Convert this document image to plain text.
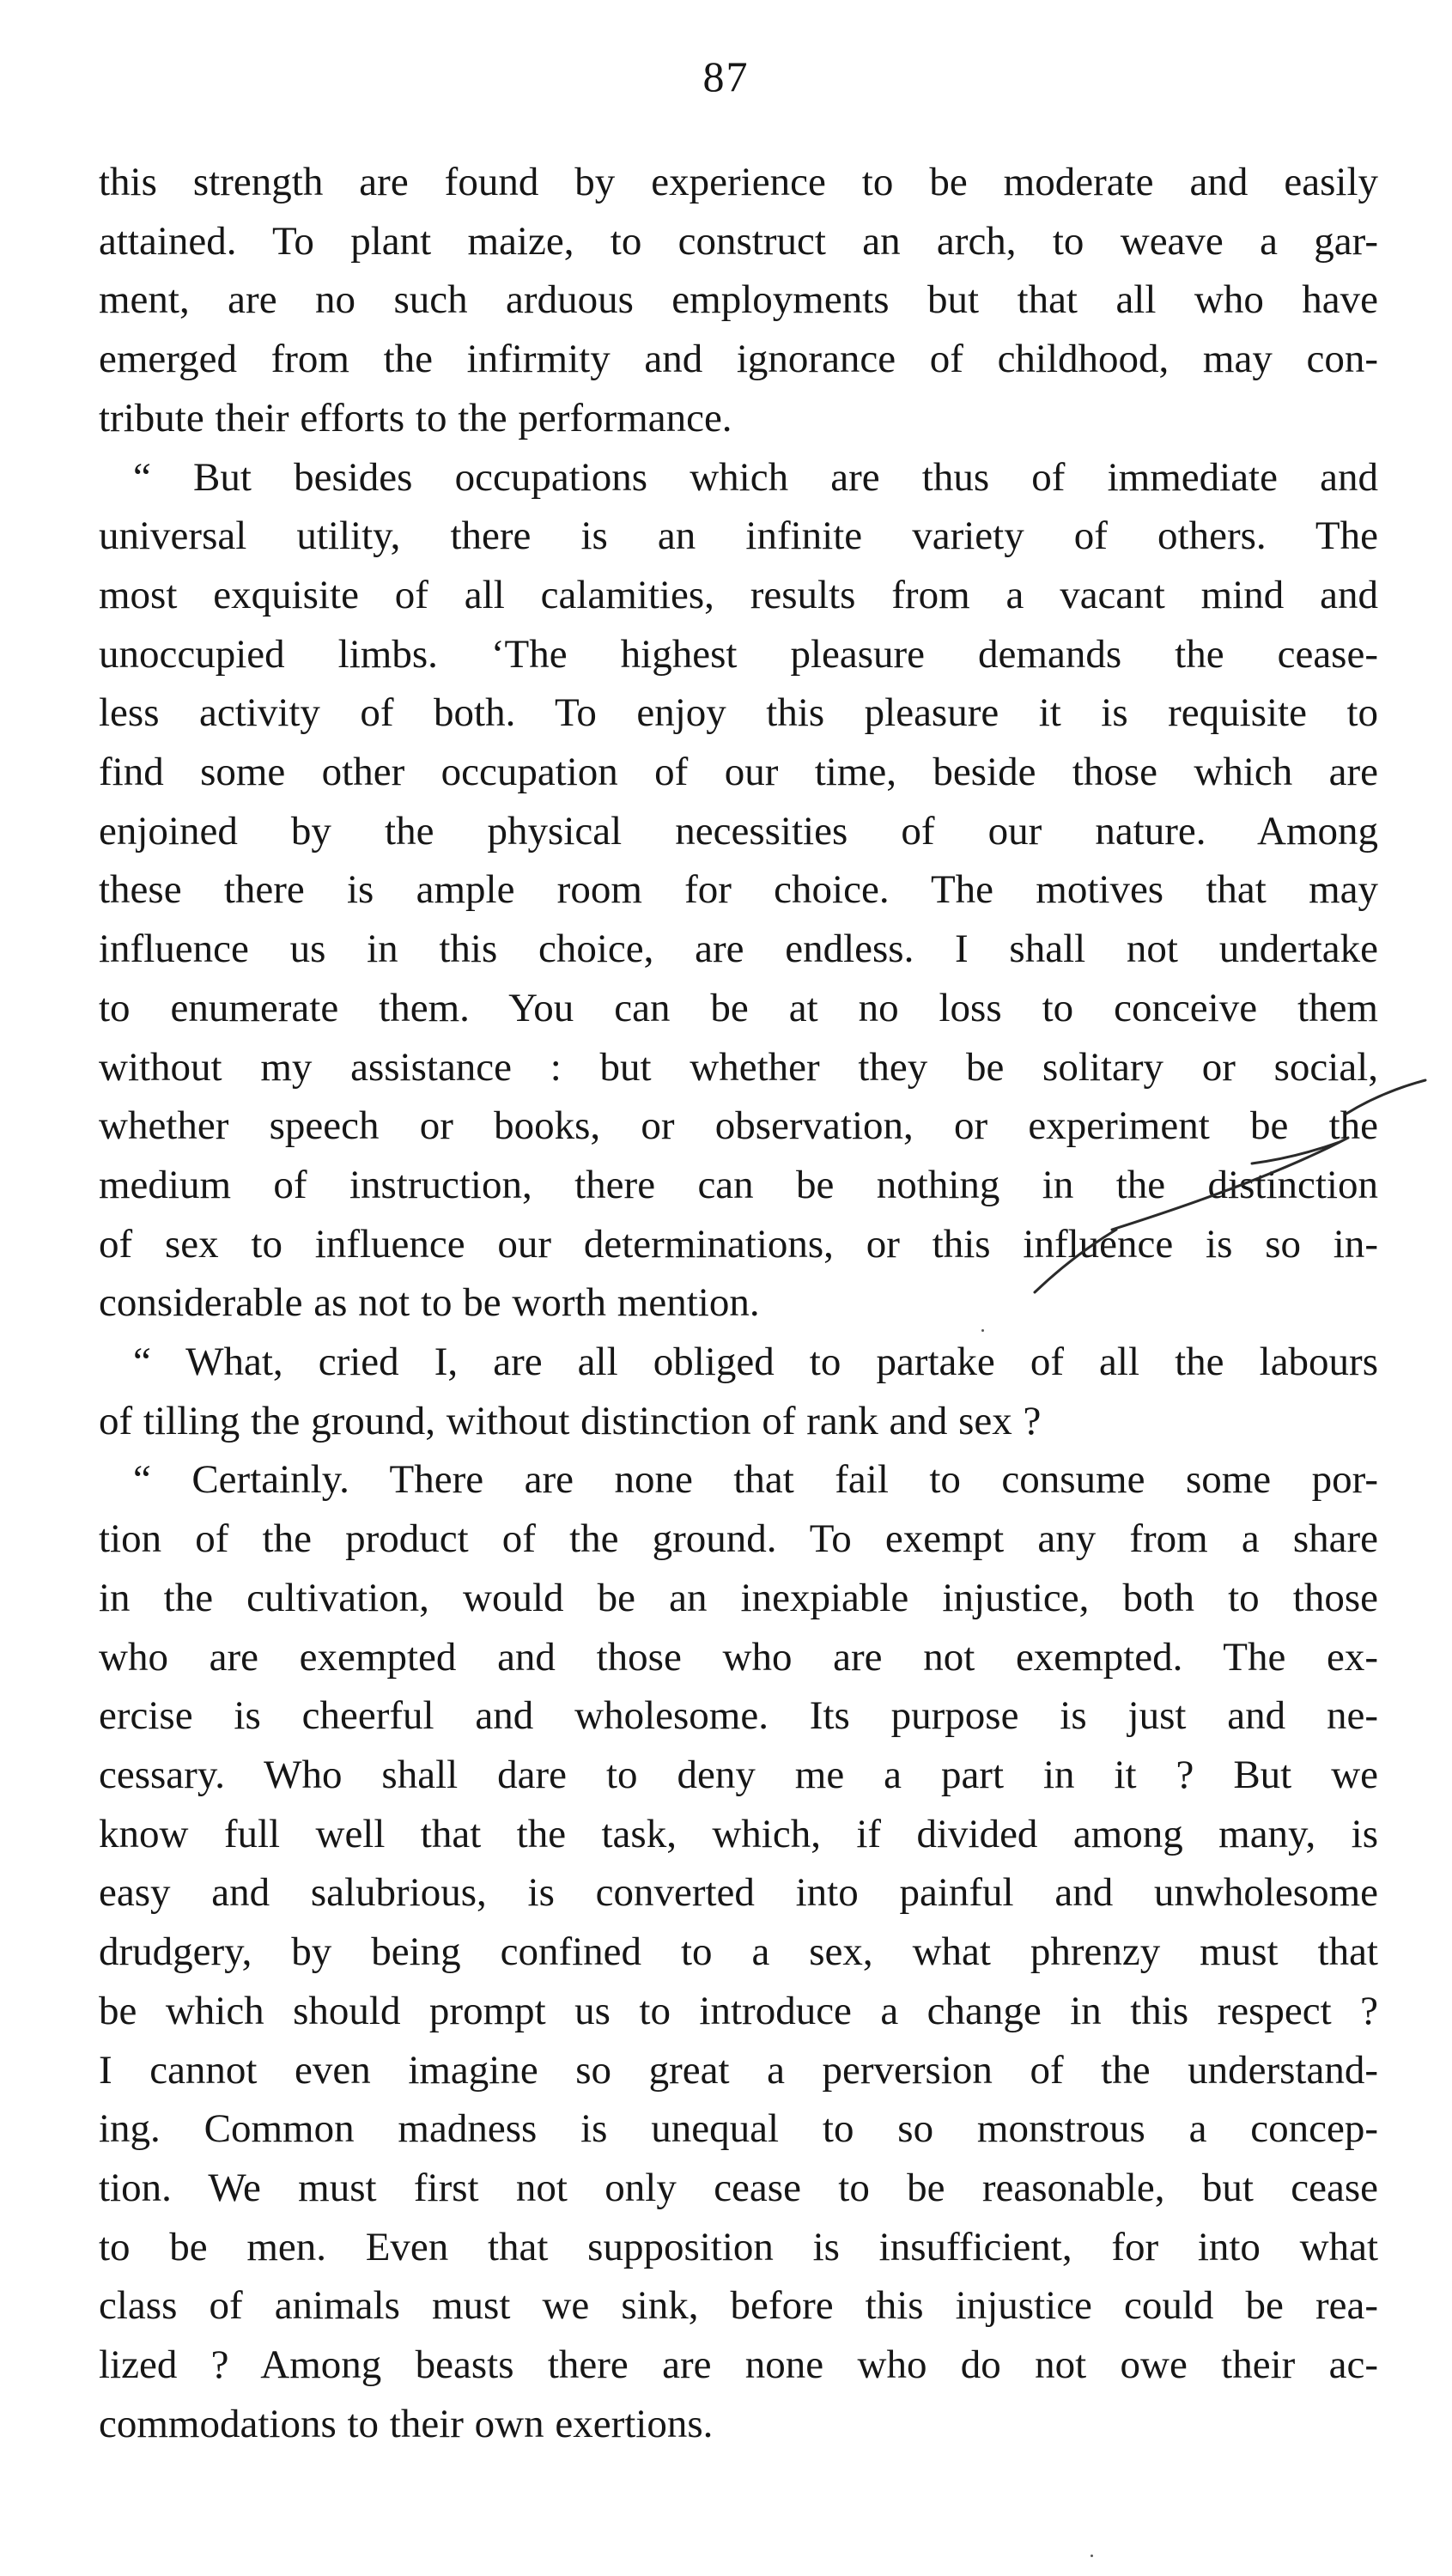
87

this strength are found by experience to be moderate and easily
attained. To plant maize, to construct an arch, to weave a gar-
ment, are no such arduous employments but that all who have
emerged from the infirmity and ignorance of childhood, may con-
tribute their efforts to the performance.

“ But besides occupations which are thus of immediate and
universal utility, there is an infinite variety of others. The
most exquisite of all calamities, results from a vacant mind and
unoccupied limbs. ‘The highest pleasure demands the cease-
less activity of both. To enjoy this pleasure it is requisite to
find some other occupation of our time, beside those which are
enjoined by the physical necessities of our nature. Among
these there is ample room for choice. The motives that may
influence us in this choice, are endless. I shall not undertake
to enumerate them. You can be at no loss to conceive them
without my assistance : but whether they be solitary or social,
whether speech or books, or observation, or experiment be the
medium of instruction, there can be nothing in the distinction
of sex to influence our determinations, or this influence is so in-
considerable as not to be worth mention.

“ What, cried I, are all obliged to partake of all the labours
of tilling the ground, without distinction of rank and sex ?

“ Certainly. There are none that fail to consume some por-
tion of the product of the ground. To exempt any from a share
in the cultivation, would be an inexpiable injustice, both to those
who are exempted and those who are not exempted. The ex-
ercise is cheerful and wholesome. Its purpose is just and ne-
cessary. Who shall dare to deny me a part in it ? But we
know full well that the task, which, if divided among many, is
easy and salubrious, is converted into painful and unwholesome
drudgery, by being confined to a sex, what phrenzy must that
be which should prompt us to introduce a change in this respect ?
I cannot even imagine so great a perversion of the understand-
ing. Common madness is unequal to so monstrous a concep-
tion. We must first not only cease to be reasonable, but cease
to be men. Even that supposition is insufficient, for into what
class of animals must we sink, before this injustice could be rea-
lized ? Among beasts there are none who do not owe their ac-
commodations to their own exertions.
